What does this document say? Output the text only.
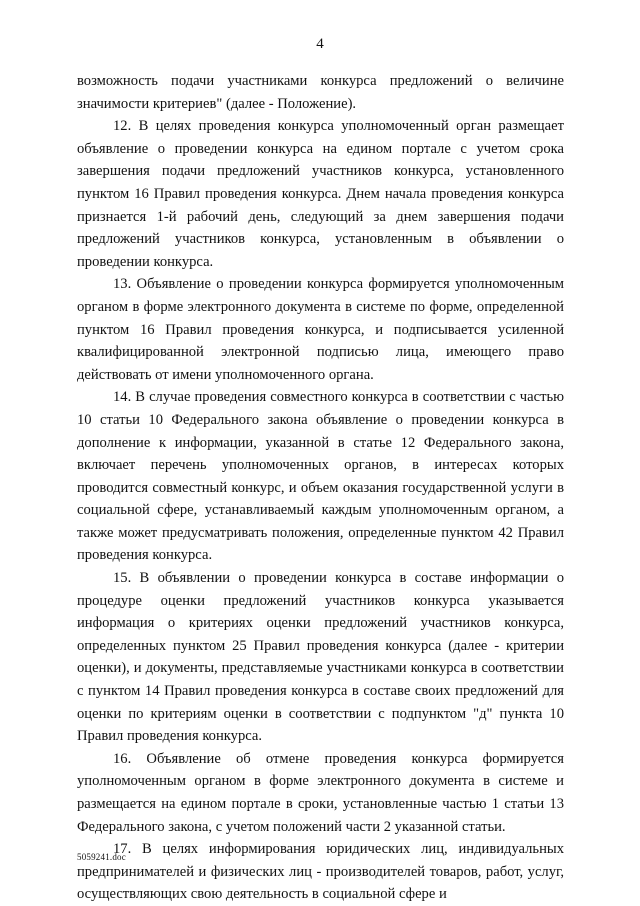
4

возможность подачи участниками конкурса предложений о величине значимости критериев" (далее - Положение).

12. В целях проведения конкурса уполномоченный орган размещает объявление о проведении конкурса на едином портале с учетом срока завершения подачи предложений участников конкурса, установленного пунктом 16 Правил проведения конкурса. Днем начала проведения конкурса признается 1-й рабочий день, следующий за днем завершения подачи предложений участников конкурса, установленным в объявлении о проведении конкурса.

13. Объявление о проведении конкурса формируется уполномоченным органом в форме электронного документа в системе по форме, определенной пунктом 16 Правил проведения конкурса, и подписывается усиленной квалифицированной электронной подписью лица, имеющего право действовать от имени уполномоченного органа.

14. В случае проведения совместного конкурса в соответствии с частью 10 статьи 10 Федерального закона объявление о проведении конкурса в дополнение к информации, указанной в статье 12 Федерального закона, включает перечень уполномоченных органов, в интересах которых проводится совместный конкурс, и объем оказания государственной услуги в социальной сфере, устанавливаемый каждым уполномоченным органом, а также может предусматривать положения, определенные пунктом 42 Правил проведения конкурса.

15. В объявлении о проведении конкурса в составе информации о процедуре оценки предложений участников конкурса указывается информация о критериях оценки предложений участников конкурса, определенных пунктом 25 Правил проведения конкурса (далее - критерии оценки), и документы, представляемые участниками конкурса в соответствии с пунктом 14 Правил проведения конкурса в составе своих предложений для оценки по критериям оценки в соответствии с подпунктом "д" пункта 10 Правил проведения конкурса.

16. Объявление об отмене проведения конкурса формируется уполномоченным органом в форме электронного документа в системе и размещается на едином портале в сроки, установленные частью 1 статьи 13 Федерального закона, с учетом положений части 2 указанной статьи.

17. В целях информирования юридических лиц, индивидуальных предпринимателей и физических лиц - производителей товаров, работ, услуг, осуществляющих свою деятельность в социальной сфере и

5059241.doc
